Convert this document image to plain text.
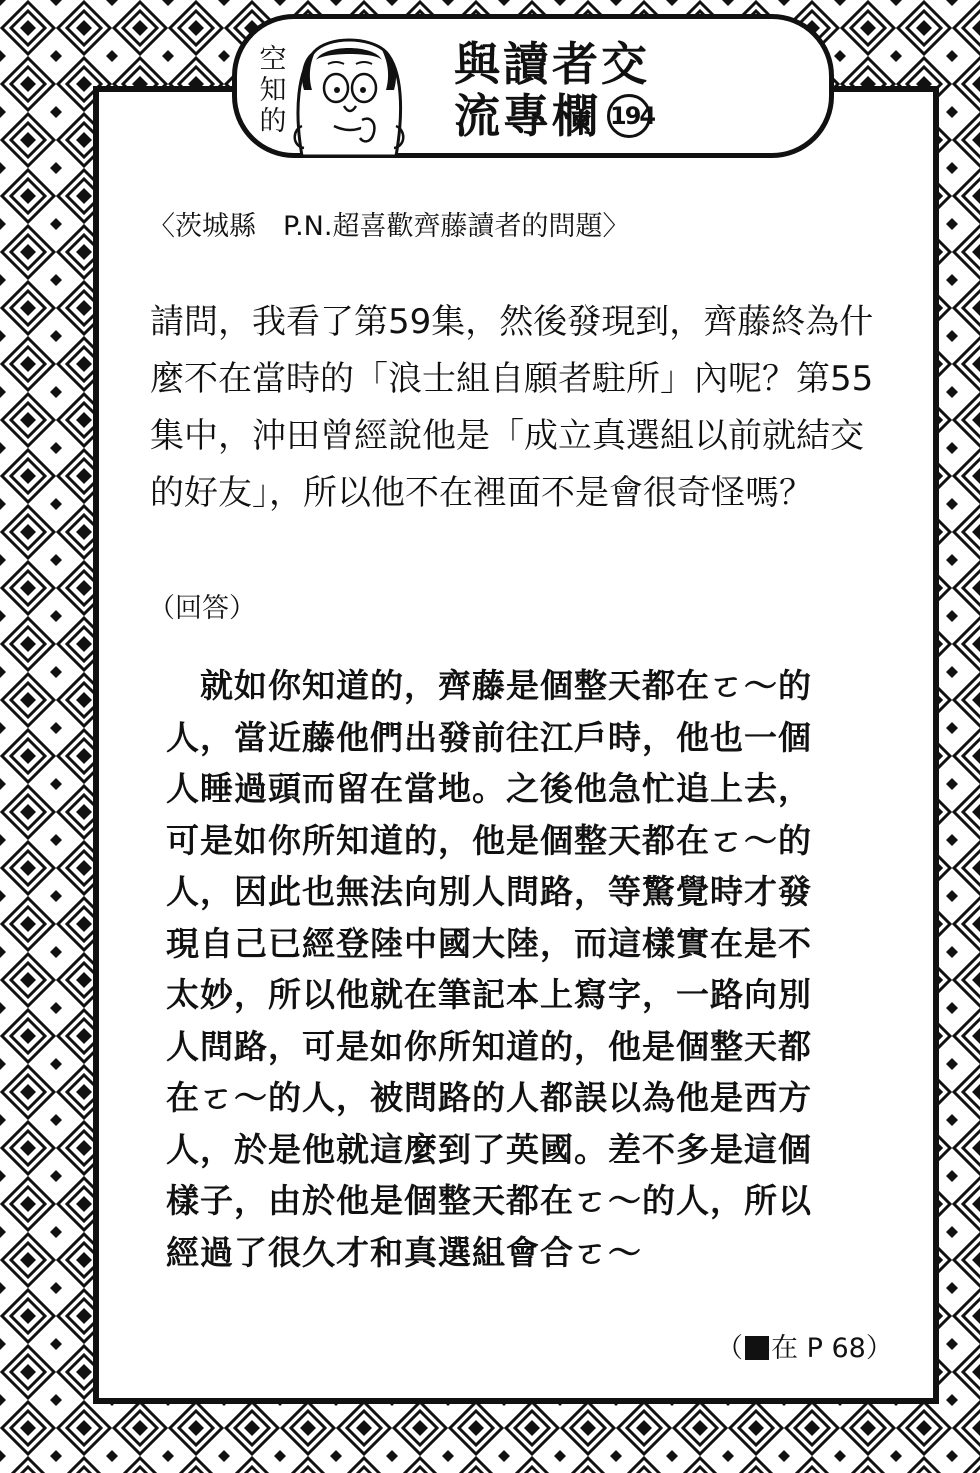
空
知
的
與讀者交
流專欄 194
〈茨城縣　P.N.超喜歡齊藤讀者的問題〉
請問，我看了第59集，然後發現到，齊藤終為什麼不在當時的「浪士組自願者駐所」內呢？第55集中，沖田曾經說他是「成立真選組以前就結交的好友」，所以他不在裡面不是會很奇怪嗎？
（回答）
　就如你知道的，齊藤是個整天都在ㄛ～的
人，當近藤他們出發前往江戶時，他也一個
人睡過頭而留在當地。之後他急忙追上去，
可是如你所知道的，他是個整天都在ㄛ～的
人，因此也無法向別人問路，等驚覺時才發
現自己已經登陸中國大陸，而這樣實在是不
太妙，所以他就在筆記本上寫字，一路向別
人問路，可是如你所知道的，他是個整天都
在ㄛ～的人，被問路的人都誤以為他是西方
人，於是他就這麼到了英國。差不多是這個
樣子，由於他是個整天都在ㄛ～的人，所以
經過了很久才和真選組會合ㄛ～
（ 在 P 68）
